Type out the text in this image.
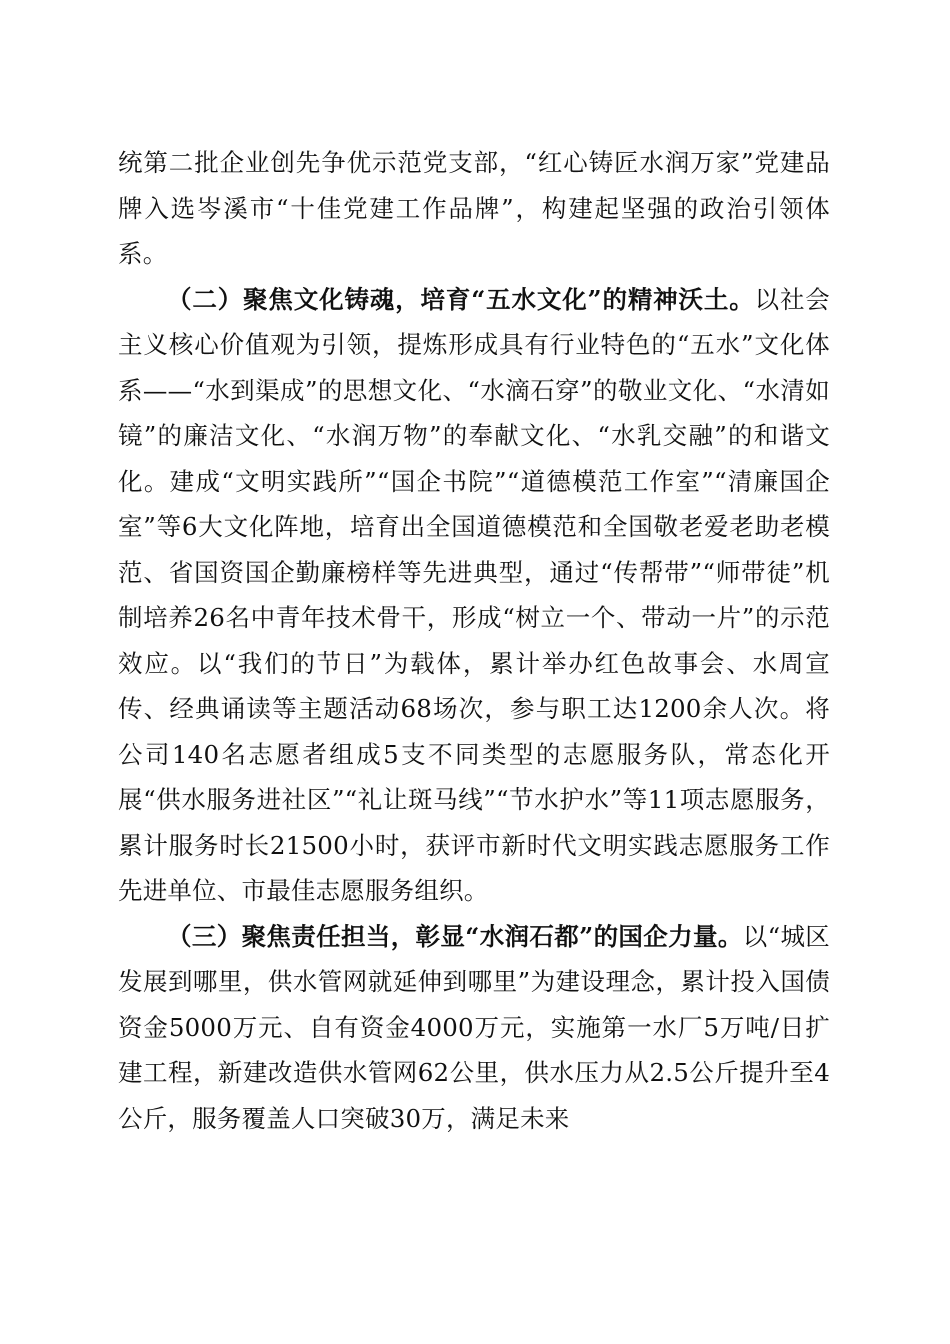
统第二批企业创先争优示范党支部，“红心铸匠水润万家”党建品牌入选岑溪市“十佳党建工作品牌”，构建起坚强的政治引领体系。

（二）聚焦文化铸魂，培育“五水文化”的精神沃土。以社会主义核心价值观为引领，提炼形成具有行业特色的“五水”文化体系——“水到渠成”的思想文化、“水滴石穿”的敬业文化、“水清如镜”的廉洁文化、“水润万物”的奉献文化、“水乳交融”的和谐文化。建成“文明实践所”“国企书院”“道德模范工作室”“清廉国企室”等6大文化阵地，培育出全国道德模范和全国敬老爱老助老模范、省国资国企勤廉榜样等先进典型，通过“传帮带”“师带徒”机制培养26名中青年技术骨干，形成“树立一个、带动一片”的示范效应。以“我们的节日”为载体，累计举办红色故事会、水周宣传、经典诵读等主题活动68场次，参与职工达1200余人次。将公司140名志愿者组成5支不同类型的志愿服务队，常态化开展“供水服务进社区”“礼让斑马线”“节水护水”等11项志愿服务，累计服务时长21500小时，获评市新时代文明实践志愿服务工作先进单位、市最佳志愿服务组织。

（三）聚焦责任担当，彰显“水润石都”的国企力量。以“城区发展到哪里，供水管网就延伸到哪里”为建设理念，累计投入国债资金5000万元、自有资金4000万元，实施第一水厂5万吨/日扩建工程，新建改造供水管网62公里，供水压力从2.5公斤提升至4公斤，服务覆盖人口突破30万，满足未来
